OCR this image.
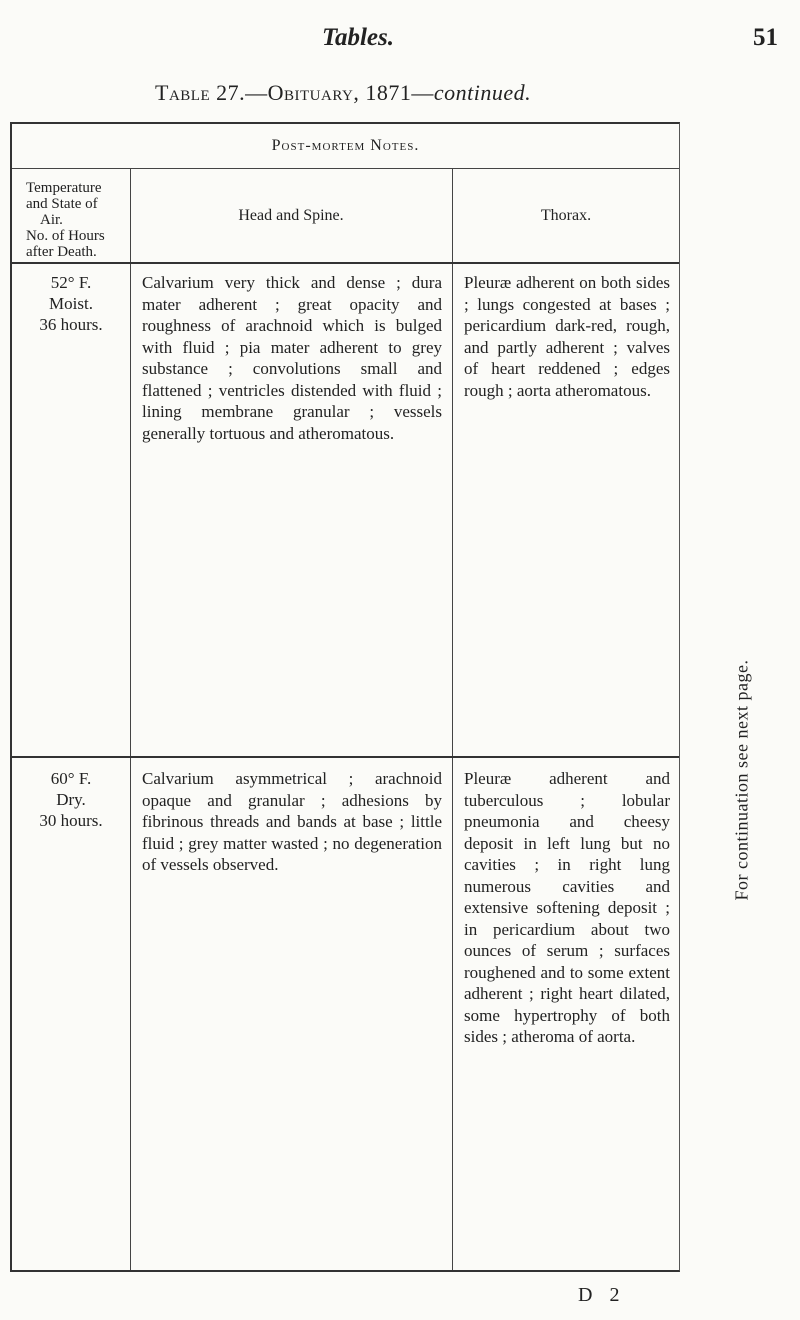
Tables.	51
Table 27.—Obituary, 1871—continued.
Post-mortem Notes.
Temperature
and State of
Air.
No. of Hours
after Death.
Head and Spine.	Thorax.
52° F.
Moist.
36 hours.
Calvarium very thick and dense ; dura mater adherent ; great opacity and roughness of arachnoid which is bulged with fluid ; pia mater adherent to grey substance ; convolutions small and flattened ; ventricles distended with fluid ; lining membrane granular ; vessels generally tortuous and atheromatous.
Pleuræ adherent on both sides ; lungs congested at bases ; pericardium dark-red, rough, and partly adherent ; valves of heart reddened ; edges rough ; aorta atheromatous.
60° F.
Dry.
30 hours.
Calvarium asymmetrical ; arachnoid opaque and granular ; adhesions by fibrinous threads and bands at base ; little fluid ; grey matter wasted ; no degeneration of vessels observed.
Pleuræ adherent and tuberculous ; lobular pneumonia and cheesy deposit in left lung but no cavities ; in right lung numerous cavities and extensive softening deposit ; in pericardium about two ounces of serum ; surfaces roughened and to some extent adherent ; right heart dilated, some hypertrophy of both sides ; atheroma of aorta.
For continuation see next page.
D 2
